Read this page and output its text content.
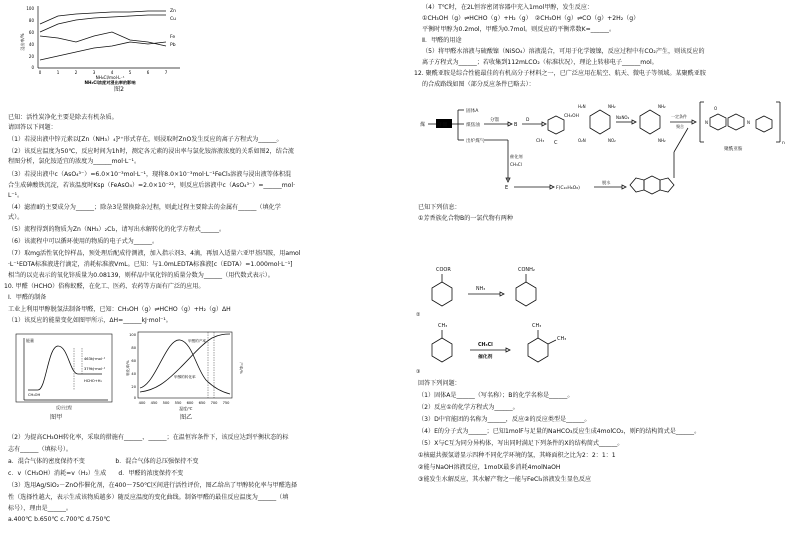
100
80
60
40
20
0
浸出率/%
Zn
Cu
Pb
Fe
0	1	2	3	4	5	6	7
NH₄Cl/mol·L⁻¹
NH₄Cl浓度对浸出率的影响
图2
已知：活性炭净化主要是除去有机杂质。
请回答以下问题：
（1）若浸出液中锌元素以[Zn（NH₃）₄]²⁺形式存在，则浸取时ZnO发生反应的离子方程式为______。
（2）该反应温度为50℃，反应时间为1h时，测定各元素的浸出率与氯化铵溶液浓度的关系如图2，结合流
程图分析，氯化铵适宜的浓度为______mol·L⁻¹。
（3）若浸出液中c（AsO₄³⁻）=6.0×10⁻³mol·L⁻¹，现将8.0×10⁻³mol·L⁻¹FeCl₃溶液与浸出液等体积混
合生成砷酸铁沉淀，若该温度时Ksp（FeAsO₄）=2.0×10⁻²²，则反应后溶液中c（AsO₄³⁻）=______mol·
L⁻¹。
（4）滤渣Ⅱ的主要成分为______；除杂3是置换除杂过程，则此过程主要除去的金属有______（填化学
式）。
（5）流程得到的物质为Zn（NH₃）₂Cl₂，请写出水解转化的化学方程式______。
（6）该流程中可以循环使用的物质的电子式为______。
（7）取mg活性氧化锌样品，预处理后配成待测液，加入指示剂3、4滴，再加入适量六亚甲基四胺，用amol
·L⁻¹EDTA标准液进行滴定，消耗标准液VmL。已知：与1.0mLEDTA标准液[c（EDTA）=1.000mol·L⁻¹]
相当的以克表示的氧化锌质量为0.08139，则样品中氧化锌的质量分数为______（用代数式表示）。
10. 甲醛（HCHO）俗称蚁醛，在化工、医药、农药等方面有广泛的应用。
Ⅰ．甲醛的制备
工业上利用甲醇脱氢法制备甲醛，已知：CH₃OH（g）⇌HCHO（g）+H₂（g）ΔH
（1）该反应的能量变化如图甲所示，ΔH=______kJ·mol⁻¹。
能量
463kJ·mol⁻¹
379kJ·mol⁻¹
HCHO+H₂
CH₃OH
反应过程
图甲
100
80
60
40
20
0
甲醛的产率
甲醇的转化率
转化率/%	产率/%
400 450 500 550 600 650 700 750
温度/℃
图乙
（2）为提高CH₃OH转化率，采取的措施有______、______；在温恒容条件下，该反应达到平衡状态的标
志有______（填标号）。
a．混合气体的密度保持不变　　　　　b．混合气体的总压强保持不变
c．v（CH₃OH）消耗=v（H₂）生成　　d．甲醛的浓度保持不变
（3）选用Ag/SiO₂－ZnO作催化剂，在400～750℃区间进行活性评价，图乙给出了甲醇转化率与甲醛选择
性（选择性越大，表示生成该物质越多）随反应温度的变化曲线。制备甲醛的最佳反应温度为______（填
标号），理由是______。
a.400℃ b.650℃ c.700℃ d.750℃
（4）T℃时，在2L恒容密闭容器中充入1mol甲醇，发生反应：
①CH₃OH（g）⇌HCHO（g）+H₂（g）　②CH₃OH（g）⇌CO（g）+2H₂（g）
平衡时甲醇为0.2mol，甲醛为0.7mol。则反应ⅰ的平衡常数K=______。
Ⅱ．甲醛的用途
（5）将甲醛水溶液与硫酸镍（NiSO₄）溶液混合，可用于化学镀镍，反应过程中有CO₂产生，则该反应的
离子方程式为______；若收集到112mLCO₂（标准状况），理论上转移电子______mol。
12. 聚酰亚胺是综合性能最佳的有机高分子材料之一，已广泛应用在航空、航天、微电子等领域。某聚酰亚胺
的合成路线如图（部分反应条件已略去）：
煤	干馏
固体A
煤焦油
出炉煤气
分馏
B
D
CH₂OH
CH₃ C
H₂N	NH₂
O₂N	NO₂
NaNO₂
NH₂
NH₂
一定条件
聚合
O
N	N
n
聚酰亚胺
催化剂
CH₃Cl
E	F(C₁₀H₆O₈)
脱水
已知下列信息：
①芳香族化合物B的一氯代物有两种
COOR
NH₃
CONH₂
②
CH₃
CH₃Cl
催化剂
CH₃
CH₃
③
回答下列问题：
（1）固体A是______（写名称）；B的化学名称是______。
（2）反应①的化学方程式为______。
（3）D中官能团的名称为______，反应②的反应类型是______。
（4）E的分子式为______；已知1molF与足量的NaHCO₃反应生成4molCO₂，则F的结构简式是______。
（5）X与C互为同分异构体，写出同时满足下列条件的X的结构简式______。
①核磁共振氢谱显示四种不同化学环境的氢，其峰面积之比为2：2：1：1
②能与NaOH溶液反应，1molX最多消耗4molNaOH
③能发生水解反应，其水解产物之一能与FeCl₃溶液发生显色反应
